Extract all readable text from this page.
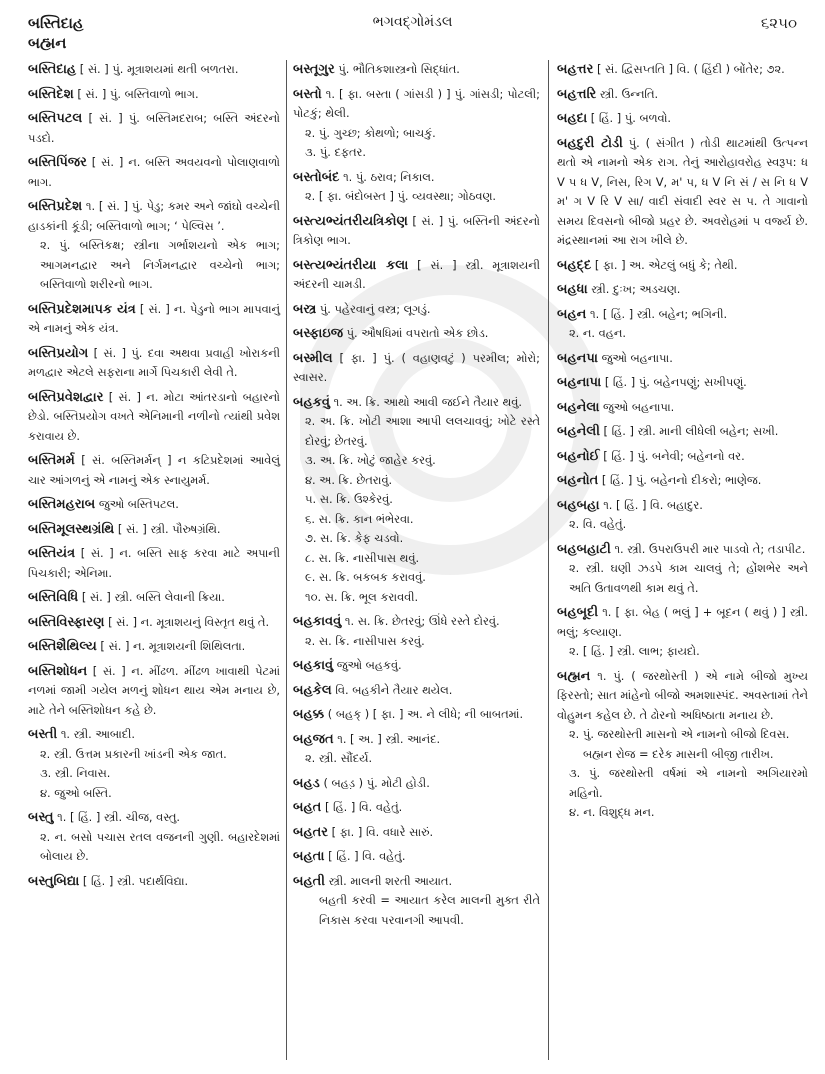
બસ્તિદાહ
બહ્મન
ભગવદ્ગોમંડલ	૬૨૫૦
બસ્તિદાહ [ સં. ] પું. મૂત્રાશયમાં થતી બળતરા.
બસ્તિદેશ [ સં. ] પું. બસ્તિવાળો ભાગ.
બસ્તિપટલ [ સં. ] પું. બસ્તિમદરાબ; બસ્તિ અંદરનો પડદો.
બસ્તિપિંજર [ સં. ] ન. બસ્તિ અવયવનો પોલાણવાળો ભાગ.
બસ્તિપ્રદેશ ૧. [ સં. ] પું. પેડુ; કમર અને જાંઘો વચ્ચેની હાડકાંની કૂંડી; બસ્તિવાળો ભાગ; ‘ પેલ્વિસ ’.
૨. પું. બસ્તિકક્ષ; સ્ત્રીના ગર્ભાશયનો એક ભાગ; આગમનદ્વાર અને નિર્ગમનદ્વાર વચ્ચેનો ભાગ; બસ્તિવાળો શરીરનો ભાગ.
બસ્તિપ્રદેશમાપક યંત્ર [ સં. ] ન. પેડુનો ભાગ માપવાનું એ નામનું એક યંત્ર.
બસ્તિપ્રયોગ [ સં. ] પું. દવા અથવા પ્રવાહી ખોરાકની મળદ્વાર એટલે સફરાના માર્ગે પિચકારી લેવી તે.
બસ્તિપ્રવેશદ્વાર [ સં. ] ન. મોટા આંતરડાનો બહારનો છેડો. બસ્તિપ્રયોગ વખતે એનિમાની નળીનો ત્યાંથી પ્રવેશ કરાવાય છે.
બસ્તિમર્મ [ સં. બસ્તિમર્મન્ ] ન કટિપ્રદેશમાં આવેલું ચાર આંગળનું એ નામનું એક સ્નાયુમર્મ.
બસ્તિમહરાબ જુઓ બસ્તિપટલ.
બસ્તિમૂલસ્થગ્રંથિ [ સં. ] સ્ત્રી. પૌરુષગ્રંથિ.
બસ્તિયંત્ર [ સં. ] ન. બસ્તિ સાફ કરવા માટે અપાની પિચકારી; એનિમા.
બસ્તિવિધિ [ સં. ] સ્ત્રી. બસ્તિ લેવાની ક્રિયા.
બસ્તિવિસ્ફારણ [ સં. ] ન. મૂત્રાશયનું વિસ્તૃત થવું તે.
બસ્તિશૈથિલ્ય [ સં. ] ન. મૂત્રાશયની શિથિલતા.
બસ્તિશોધન [ સં. ] ન. મીંઢળ. મીંઢળ ખાવાથી પેટમાં નળમાં જામી ગયેલ મળનું શોધન થાય એમ મનાય છે, માટે તેને બસ્તિશોધન કહે છે.
બસ્તી ૧. સ્ત્રી. આબાદી.
૨. સ્ત્રી. ઉત્તમ પ્રકારની ખાંડની એક જાત.
૩. સ્ત્રી. નિવાસ.
૪. જુઓ બસ્તિ.
બસ્તુ ૧. [ હિં. ] સ્ત્રી. ચીજ, વસ્તુ.
૨. ન. બસો પચાસ રતલ વજનની ગુણી. બહારદેશમાં બોલાય છે.
બસ્તુબિદ્યા [ હિં. ] સ્ત્રી. પદાર્થવિદ્યા.
બસ્તૂગુર પું. ભૌતિકશાસ્ત્રનો સિદ્ધાંત.
બસ્તો ૧. [ ફા. બસ્તા ( ગાંસડી ) ] પું. ગાંસડી; પોટલી; પોટકું; થેલી.
૨. પું. ગુચ્છ; કોથળો; બાચકું.
૩. પું. દફતર.
બસ્તોબંદ ૧. પું. ઠરાવ; નિકાલ.
૨. [ ફા. બંદોબસ્ત ] પું. વ્યવસ્થા; ગોઠવણ.
બસ્ત્યભ્યંતરીયત્રિકોણ [ સં. ] પું. બસ્તિની અંદરનો ત્રિકોણ ભાગ.
બસ્ત્યભ્યંતરીયા કલા [ સં. ] સ્ત્રી. મૂત્રાશયની અંદરની ચામડી.
બસ્ત્ર પું. પહેરવાનું વસ્ત્ર; લૂગડું.
બસ્ફાઇજ પું. ઔષધિમાં વપરાતો એક છોડ.
બસ્મીલ [ ફા. ] પું. ( વહાણવટું ) પરમીલ; મોરો; સ્વાસર.
બહકવું ૧. અ. ક્રિ. આથો આવી જઈને તૈયાર થવું.
૨. અ. ક્રિ. ખોટી આશા આપી લલચાવવું; ખોટે રસ્તે દોરવું; છેતરવું.
૩. અ. ક્રિ. ખોટું જાહેર કરવું.
૪. અ. ક્રિ. છેતરાવું.
૫. સ. ક્રિ. ઉશ્કેરવું.
૬. સ. ક્રિ. કાન ભંભેરવા.
૭. સ. ક્રિ. કેફ ચડવો.
૮. સ. ક્રિ. નાસીપાસ થવું.
૯. સ. ક્રિ. બકબક કરાવવું.
૧૦. સ. ક્રિ. ભૂલ કરાવવી.
બહકાવવું ૧. સ. ક્રિ. છેતરવું; ઊંધે રસ્તે દોરવું.
૨. સ. ક્રિ. નાસીપાસ કરવું.
બહકાવું જુઓ બહકવું.
બહકેલ વિ. બહકીને તૈયાર થયેલ.
બહક્ક ( બહક્ ) [ ફા. ] અ. ને લીધે; ની બાબતમાં.
બહજત ૧. [ અ. ] સ્ત્રી. આનંદ.
૨. સ્ત્રી. સૌંદર્ય.
બહડ ( બહડ઼ ) પું. મોટી હોડી.
બહત [ હિં. ] વિ. વહેતું.
બહતર [ ફા. ] વિ. વધારે સારું.
બહતા [ હિં. ] વિ. વહેતું.
બહતી સ્ત્રી. માલની શરતી આયાત.
બહતી કરવી = આયાત કરેલ માલની મુક્ત રીતે નિકાસ કરવા પરવાનગી આપવી.
બહત્તર [ સં. દ્વિસપ્તતિ ] વિ. ( હિંદી ) બોંતેર; ૭૨.
બહત્તરિ સ્ત્રી. ઉન્નતિ.
બહદા [ હિં. ] પું. બળવો.
બહદુરી ટોડી પું. ( સંગીત ) તોડી થાટમાંથી ઉત્પન્ન થતો એ નામનો એક રાગ. તેનું આરોહાવરોહ સ્વરૂપ: ધ V પ ધ V, નિસ, રિગ V, મ' પ, ધ V નિ સં / સ નિ ધ V મ' ગ V રિ V સા/ વાદી સંવાદી સ્વર સ પ. તે ગાવાનો સમય દિવસનો બીજો પ્રહર છે. અવરોહમાં પ વર્જ્ય છે. મંદ્રસ્થાનમાં આ રાગ ખીલે છે.
બહદ્દ [ ફા. ] અ. એટલું બધું કે; તેથી.
બહધા સ્ત્રી. દુઃખ; અડચણ.
બહન ૧. [ હિં. ] સ્ત્રી. બહેન; ભગિની.
૨. ન. વહન.
બહનપા જુઓ બહનાપા.
બહનાપા [ હિં. ] પું. બહેનપણું; સખીપણું.
બહનેલા જુઓ બહનાપા.
બહનેલી [ હિં. ] સ્ત્રી. માની લીધેલી બહેન; સખી.
બહનોઈ [ હિં. ] પું. બનેવી; બહેનનો વર.
બહનોત [ હિં. ] પું. બહેનનો દીકરો; ભાણેજ.
બહબહા ૧. [ હિં. ] વિ. બહાદુર.
૨. વિ. વહેતું.
બહબહાટી ૧. સ્ત્રી. ઉપરાઉપરી માર પાડવો તે; તડાપીટ.
૨. સ્ત્રી. ઘણી ઝડપે કામ ચાલવું તે; હોંશભેર અને અતિ ઉતાવળથી કામ થવું તે.
બહબૂદી ૧. [ ફા. બેહ ( ભલું ] + બૂદન ( થવું ) ] સ્ત્રી. ભલું; કલ્યાણ.
૨. [ હિં. ] સ્ત્રી. લાભ; ફાયદો.
બહ્મન ૧. પું. ( જરથોસ્તી ) એ નામે બીજો મુખ્ય ફિરસ્તો; સાત માંહેનો બીજો અમશાસ્પંદ. અવસ્તામાં તેને વોહુમન કહેલ છે. તે ઢોરનો અધિષ્ઠાતા મનાય છે.
૨. પું. જરથોસ્તી માસનો એ નામનો બીજો દિવસ.
બહ્મન રોજ = દરેક માસની બીજી તારીખ.
૩. પું. જરથોસ્તી વર્ષમાં એ નામનો અગિયારમો મહિનો.
૪. ન. વિશુદ્ધ મન.
